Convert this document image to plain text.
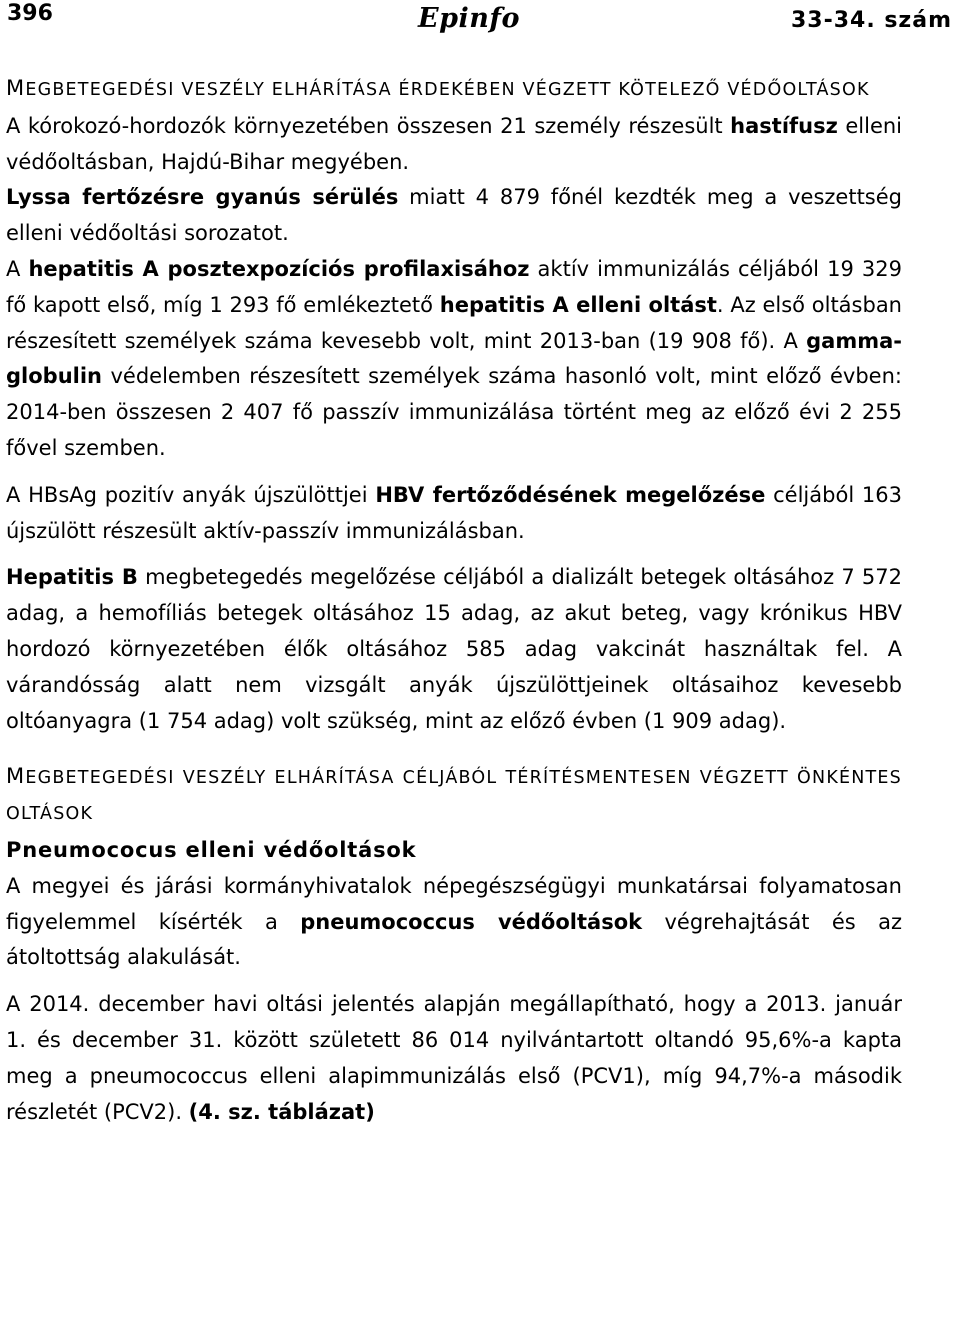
396	Epinfo	33-34. szám
MEGBETEGEDÉSI VESZÉLY ELHÁRÍTÁSA ÉRDEKÉBEN VÉGZETT KÖTELEZŐ VÉDŐOLTÁSOK

A kórokozó-hordozók környezetében összesen 21 személy részesült hastífusz elleni védőoltásban, Hajdú-Bihar megyében.

Lyssa fertőzésre gyanús sérülés miatt 4 879 főnél kezdték meg a veszettség elleni védőoltási sorozatot.

A hepatitis A posztexpozíciós profilaxisához aktív immunizálás céljából 19 329 fő kapott első, míg 1 293 fő emlékeztető hepatitis A elleni oltást. Az első oltásban részesített személyek száma kevesebb volt, mint 2013-ban (19 908 fő). A gamma-globulin védelemben részesített személyek száma hasonló volt, mint előző évben: 2014-ben összesen 2 407 fő passzív immunizálása történt meg az előző évi 2 255 fővel szemben.

A HBsAg pozitív anyák újszülöttjei HBV fertőződésének megelőzése céljából 163 újszülött részesült aktív-passzív immunizálásban.

Hepatitis B megbetegedés megelőzése céljából a dializált betegek oltásához 7 572 adag, a hemofíliás betegek oltásához 15 adag, az akut beteg, vagy krónikus HBV hordozó környezetében élők oltásához 585 adag vakcinát használtak fel. A várandósság alatt nem vizsgált anyák újszülöttjeinek oltásaihoz kevesebb oltóanyagra (1 754 adag) volt szükség, mint az előző évben (1 909 adag).

MEGBETEGEDÉSI VESZÉLY ELHÁRÍTÁSA CÉLJÁBÓL TÉRÍTÉSMENTESEN VÉGZETT ÖNKÉNTES OLTÁSOK
Pneumococus elleni védőoltások

A megyei és járási kormányhivatalok népegészségügyi munkatársai folyamatosan figyelemmel kísérték a pneumococcus védőoltások végrehajtását és az átoltottság alakulását.

A 2014. december havi oltási jelentés alapján megállapítható, hogy a 2013. január 1. és december 31. között született 86 014 nyilvántartott oltandó 95,6%-a kapta meg a pneumococcus elleni alapimmunizálás első (PCV1), míg 94,7%-a második részletét (PCV2). (4. sz. táblázat)
